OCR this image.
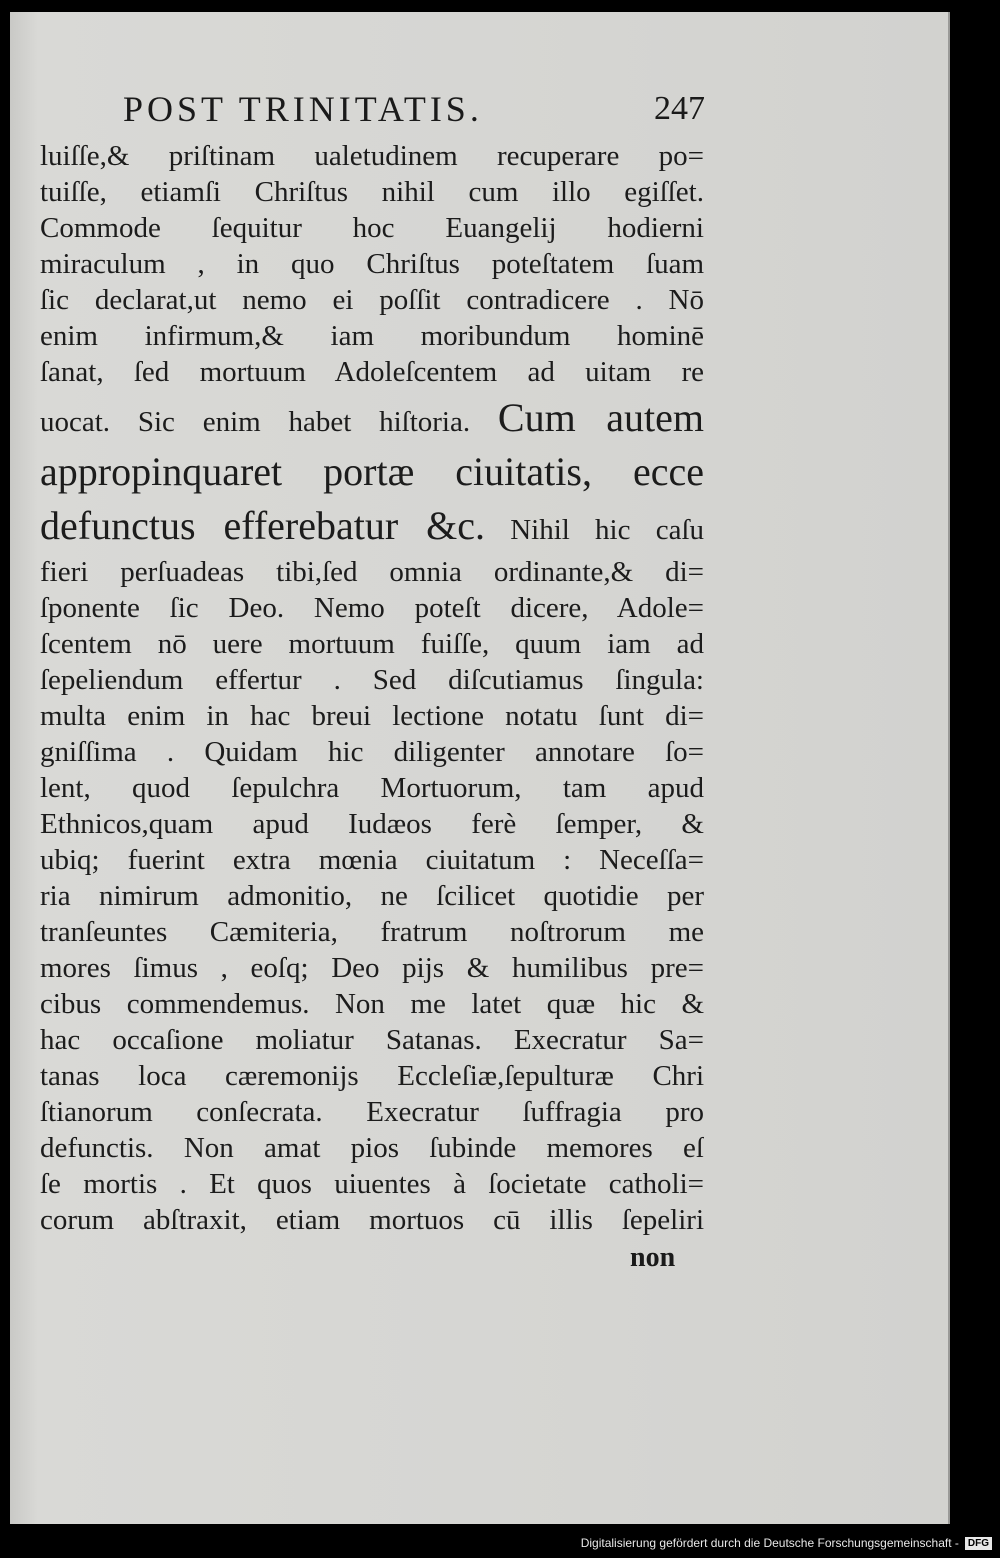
POST TRINITATIS.	247
luiſſe,& priſtinam ualetudinem recuperare po=
tuiſſe, etiamſi Chriſtus nihil cum illo egiſſet.
Commode ſequitur hoc Euangelij hodierni
miraculum , in quo Chriſtus poteſtatem ſuam
ſic declarat,ut nemo ei poſſit contradicere . Nō
enim infirmum,& iam moribundum hominē
ſanat, ſed mortuum Adoleſcentem ad uitam re
uocat. Sic enim habet hiſtoria. Cum autem
appropinquaret portæ ciuitatis, ecce
defunctus efferebatur &c. Nihil hic caſu
fieri perſuadeas tibi,ſed omnia ordinante,& di=
ſponente ſic Deo. Nemo poteſt dicere, Adole=
ſcentem nō uere mortuum fuiſſe, quum iam ad
ſepeliendum effertur . Sed diſcutiamus ſingula:
multa enim in hac breui lectione notatu ſunt di=
gniſſima . Quidam hic diligenter annotare ſo=
lent, quod ſepulchra Mortuorum, tam apud
Ethnicos,quam apud Iudæos ferè ſemper, &
ubiq; fuerint extra mœnia ciuitatum : Neceſſa=
ria nimirum admonitio, ne ſcilicet quotidie per
tranſeuntes Cæmiteria, fratrum noſtrorum me
mores ſimus , eoſq; Deo pijs & humilibus pre=
cibus commendemus. Non me latet quæ hic &
hac occaſione moliatur Satanas. Execratur Sa=
tanas loca cæremonijs Eccleſiæ,ſepulturæ Chri
ſtianorum conſecrata. Execratur ſuffragia pro
defunctis. Non amat pios ſubinde memores eſ
ſe mortis . Et quos uiuentes à ſocietate catholi=
corum abſtraxit, etiam mortuos cū illis ſepeliri
non
Digitalisierung gefördert durch die Deutsche Forschungsgemeinschaft - DFG
